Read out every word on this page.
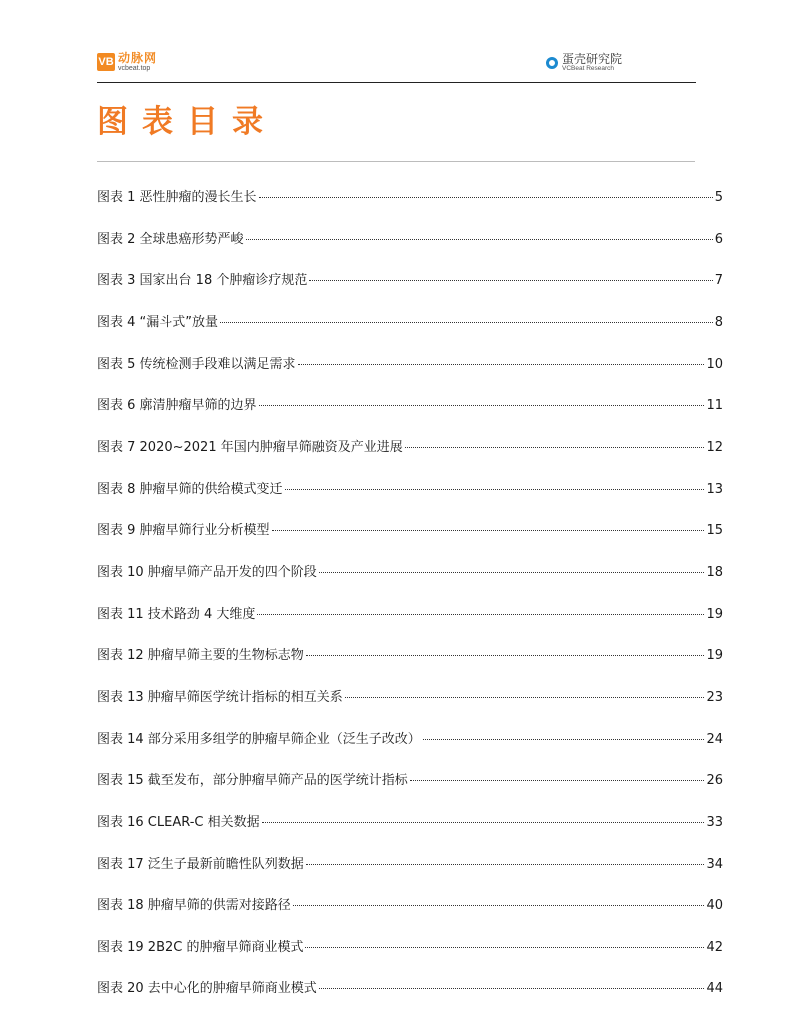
VB 动脉网
vcbeat.top
蛋壳研究院
VCBeat Research
图表目录
图表 1 恶性肿瘤的漫长生长	5
图表 2 全球患癌形势严峻	6
图表 3 国家出台 18 个肿瘤诊疗规范	7
图表 4 “漏斗式”放量	8
图表 5 传统检测手段难以满足需求	10
图表 6 廓清肿瘤早筛的边界	11
图表 7 2020~2021 年国内肿瘤早筛融资及产业进展	12
图表 8 肿瘤早筛的供给模式变迁	13
图表 9 肿瘤早筛行业分析模型	15
图表 10 肿瘤早筛产品开发的四个阶段	18
图表 11 技术路劲 4 大维度	19
图表 12 肿瘤早筛主要的生物标志物	19
图表 13 肿瘤早筛医学统计指标的相互关系	23
图表 14 部分采用多组学的肿瘤早筛企业（泛生子改改）	24
图表 15 截至发布，部分肿瘤早筛产品的医学统计指标	26
图表 16 CLEAR-C 相关数据	33
图表 17 泛生子最新前瞻性队列数据	34
图表 18 肿瘤早筛的供需对接路径	40
图表 19 2B2C 的肿瘤早筛商业模式	42
图表 20 去中心化的肿瘤早筛商业模式	44
